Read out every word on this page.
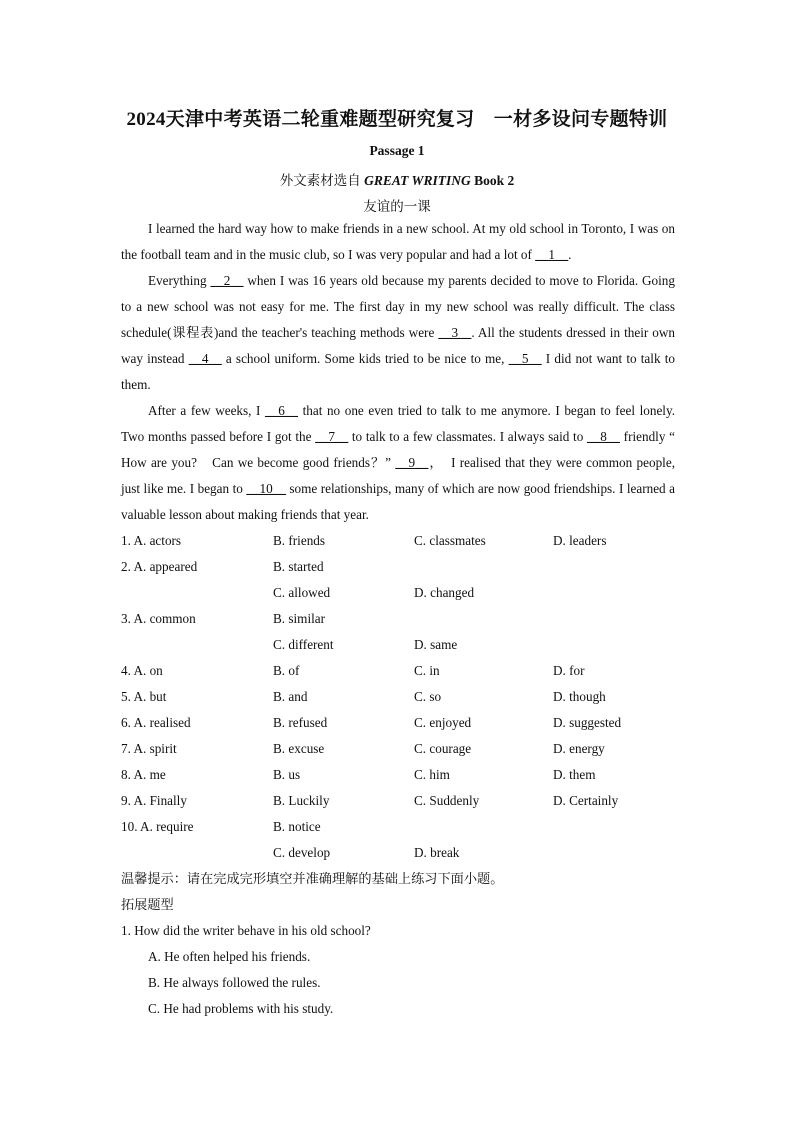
2024天津中考英语二轮重难题型研究复习　一材多设问专题特训
Passage 1
外文素材选自 GREAT WRITING Book 2
友谊的一课

I learned the hard way how to make friends in a new school. At my old school in Toronto, I was on the football team and in the music club, so I was very popular and had a lot of __1__.

Everything __2__ when I was 16 years old because my parents decided to move to Florida. Going to a new school was not easy for me. The first day in my new school was really difficult. The class schedule(课程表)and the teacher's teaching methods were __3__. All the students dressed in their own way instead __4__ a school uniform. Some kids tried to be nice to me, __5__ I did not want to talk to them.

After a few weeks, I __6__ that no one even tried to talk to me anymore. I began to feel lonely. Two months passed before I got the __7__ to talk to a few classmates. I always said to __8__ friendly “ How are you?　Can we become good friends？” __9__，　I realised that they were common people, just like me. I began to __10__ some relationships, many of which are now good friendships. I learned a valuable lesson about making friends that year.

1. A. actors	B. friends	C. classmates	D. leaders
2. A. appeared	B. started
C. allowed	D. changed
3. A. common	B. similar
C. different	D. same
4. A. on	B. of	C. in	D. for
5. A. but	B. and	C. so	D. though
6. A. realised	B. refused	C. enjoyed	D. suggested
7. A. spirit	B. excuse	C. courage	D. energy
8. A. me	B. us	C. him	D. them
9. A. Finally	B. Luckily	C. Suddenly	D. Certainly
10. A. require	B. notice
C. develop	D. break
温馨提示：请在完成完形填空并准确理解的基础上练习下面小题。
拓展题型
1. How did the writer behave in his old school?
A. He often helped his friends.
B. He always followed the rules.
C. He had problems with his study.
